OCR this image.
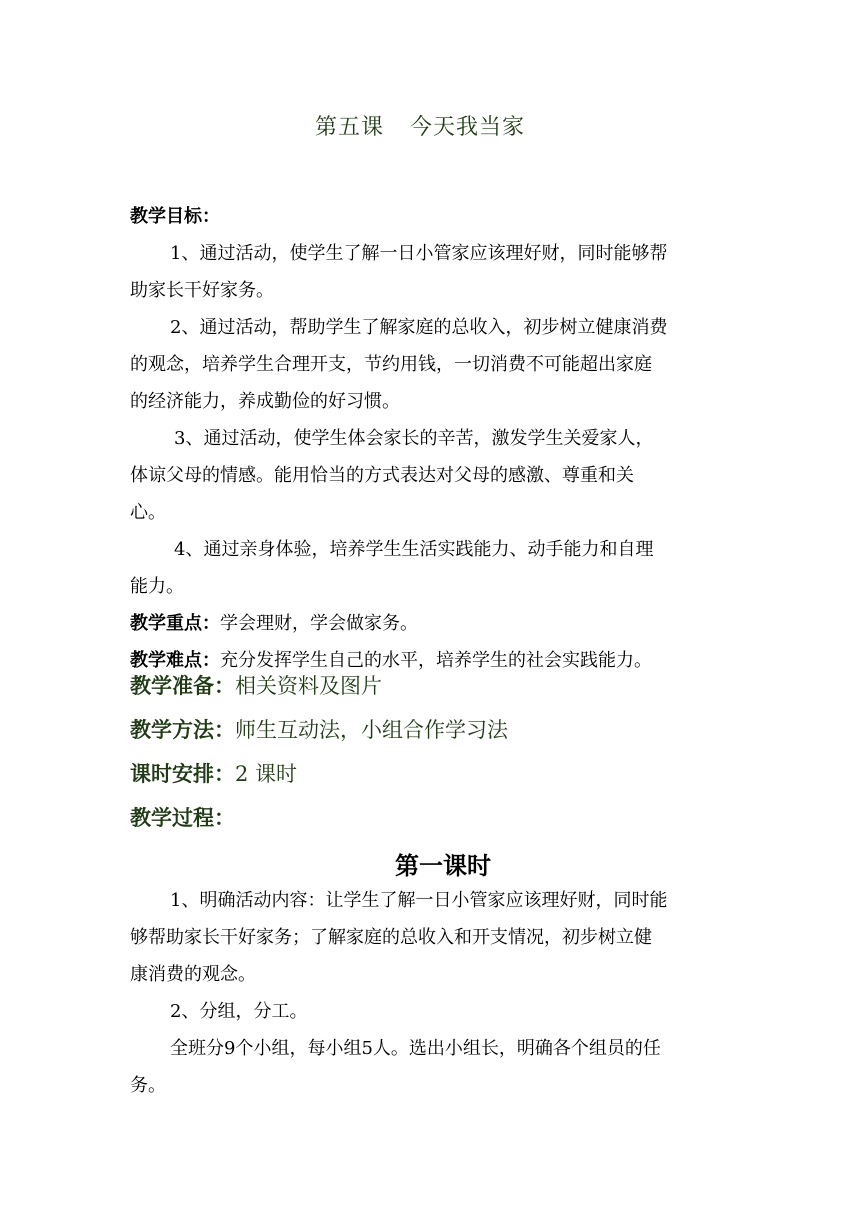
第五课 今天我当家

教学目标：

1、通过活动，使学生了解一日小管家应该理好财，同时能够帮

助家长干好家务。

2、通过活动，帮助学生了解家庭的总收入，初步树立健康消费

的观念，培养学生合理开支，节约用钱，一切消费不可能超出家庭

的经济能力，养成勤俭的好习惯。

3、通过活动，使学生体会家长的辛苦，激发学生关爱家人，

体谅父母的情感。能用恰当的方式表达对父母的感激、尊重和关

心。

4、通过亲身体验，培养学生生活实践能力、动手能力和自理

能力。

教学重点：学会理财，学会做家务。

教学难点：充分发挥学生自己的水平，培养学生的社会实践能力。

教学准备：相关资料及图片

教学方法：师生互动法，小组合作学习法

课时安排：2 课时

教学过程：

第一课时

1、明确活动内容：让学生了解一日小管家应该理好财，同时能

够帮助家长干好家务；了解家庭的总收入和开支情况，初步树立健

康消费的观念。

2、分组，分工。

全班分9个小组，每小组5人。选出小组长，明确各个组员的任

务。
